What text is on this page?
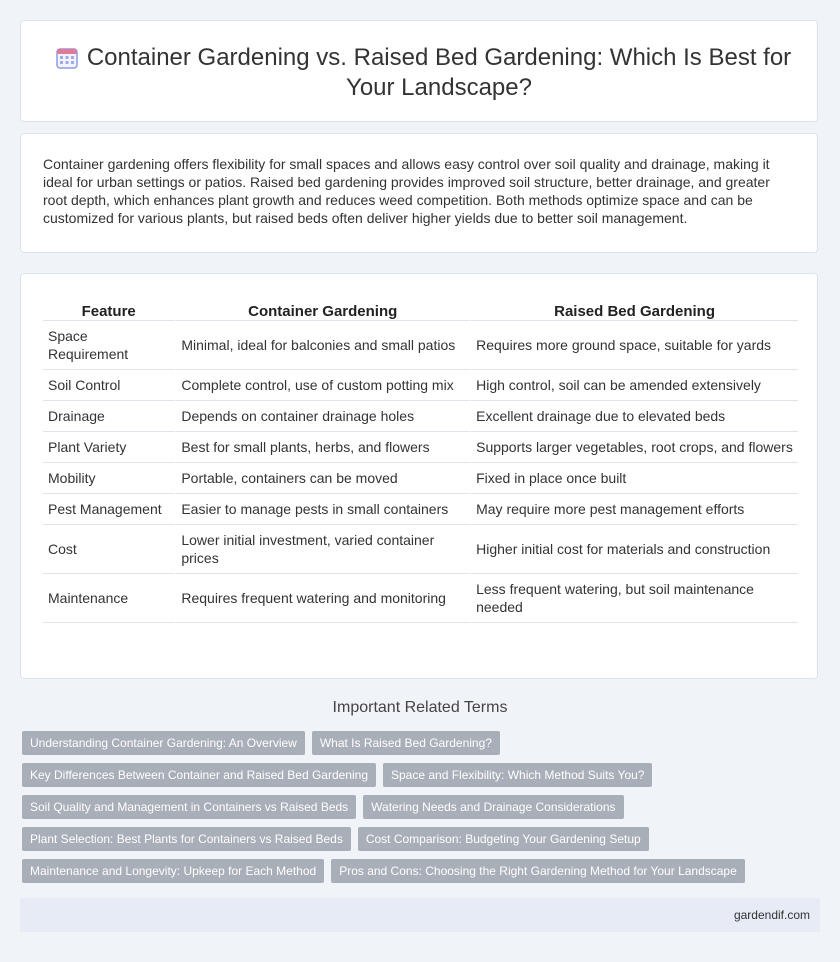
Container Gardening vs. Raised Bed Gardening: Which Is Best for Your Landscape?

Container gardening offers flexibility for small spaces and allows easy control over soil quality and drainage, making it ideal for urban settings or patios. Raised bed gardening provides improved soil structure, better drainage, and greater root depth, which enhances plant growth and reduces weed competition. Both methods optimize space and can be customized for various plants, but raised beds often deliver higher yields due to better soil management.

Feature	Container Gardening	Raised Bed Gardening
Space Requirement	Minimal, ideal for balconies and small patios	Requires more ground space, suitable for yards
Soil Control	Complete control, use of custom potting mix	High control, soil can be amended extensively
Drainage	Depends on container drainage holes	Excellent drainage due to elevated beds
Plant Variety	Best for small plants, herbs, and flowers	Supports larger vegetables, root crops, and flowers
Mobility	Portable, containers can be moved	Fixed in place once built
Pest Management	Easier to manage pests in small containers	May require more pest management efforts
Cost	Lower initial investment, varied container prices	Higher initial cost for materials and construction
Maintenance	Requires frequent watering and monitoring	Less frequent watering, but soil maintenance needed
Important Related Terms
Understanding Container Gardening: An Overview	What Is Raised Bed Gardening?
Key Differences Between Container and Raised Bed Gardening	Space and Flexibility: Which Method Suits You?
Soil Quality and Management in Containers vs Raised Beds	Watering Needs and Drainage Considerations
Plant Selection: Best Plants for Containers vs Raised Beds	Cost Comparison: Budgeting Your Gardening Setup
Maintenance and Longevity: Upkeep for Each Method	Pros and Cons: Choosing the Right Gardening Method for Your Landscape
gardendif.com
